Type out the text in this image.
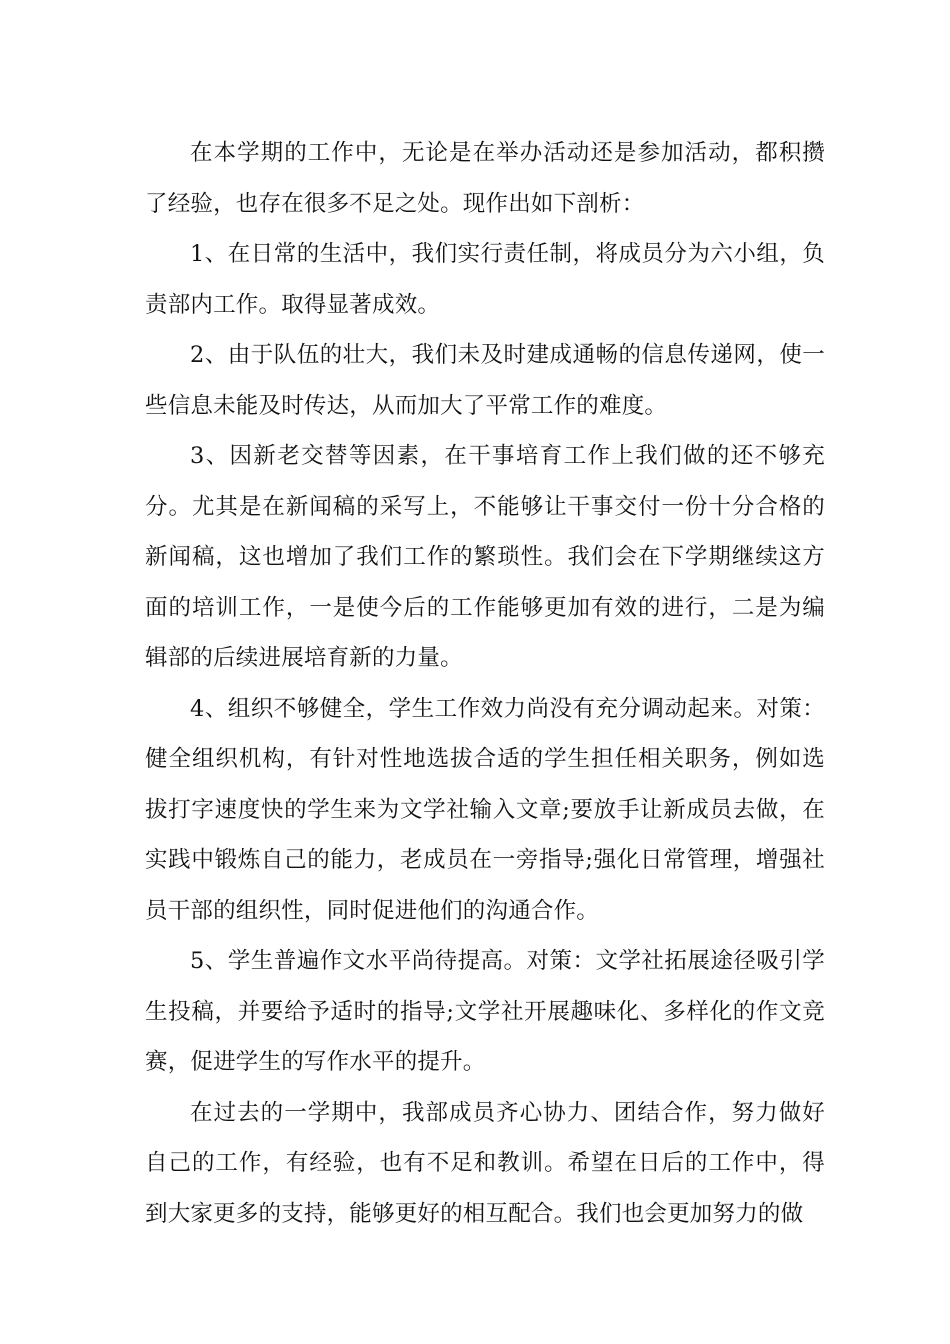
在本学期的工作中，无论是在举办活动还是参加活动，都积攒了经验，也存在很多不足之处。现作出如下剖析：

1、在日常的生活中，我们实行责任制，将成员分为六小组，负责部内工作。取得显著成效。

2、由于队伍的壮大，我们未及时建成通畅的信息传递网，使一些信息未能及时传达，从而加大了平常工作的难度。

3、因新老交替等因素，在干事培育工作上我们做的还不够充分。尤其是在新闻稿的采写上，不能够让干事交付一份十分合格的新闻稿，这也增加了我们工作的繁琐性。我们会在下学期继续这方面的培训工作，一是使今后的工作能够更加有效的进行，二是为编辑部的后续进展培育新的力量。

4、组织不够健全，学生工作效力尚没有充分调动起来。对策：健全组织机构，有针对性地选拔合适的学生担任相关职务，例如选拔打字速度快的学生来为文学社输入文章;要放手让新成员去做，在实践中锻炼自己的能力，老成员在一旁指导;强化日常管理，增强社员干部的组织性，同时促进他们的沟通合作。

5、学生普遍作文水平尚待提高。对策：文学社拓展途径吸引学生投稿，并要给予适时的指导;文学社开展趣味化、多样化的作文竞赛，促进学生的写作水平的提升。

在过去的一学期中，我部成员齐心协力、团结合作，努力做好自己的工作，有经验，也有不足和教训。希望在日后的工作中，得到大家更多的支持，能够更好的相互配合。我们也会更加努力的做
